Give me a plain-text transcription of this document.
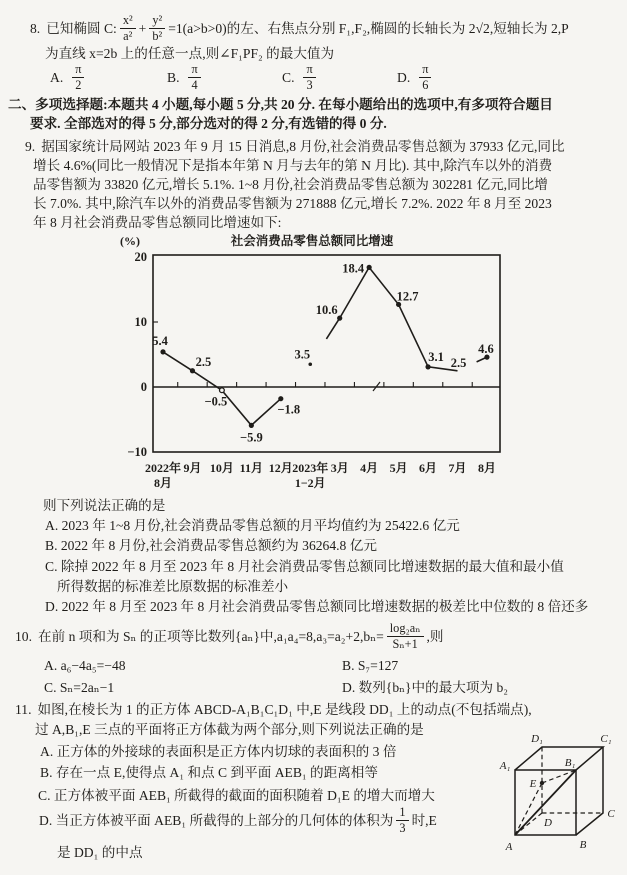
8. 已知椭圆 C: $\frac{\text{x²}}{\text{a²}} + \frac{\text{y²}}{\text{b²}} =1(a>b>0)$的左、右焦点分别 F₁,F₂,椭圆的长轴长为 2√2,短轴长为 2,P
为直线 x=2b 上的任意一点,则∠F₁PF₂ 的最大值为
A. $\frac{\pi}{2}$	B. $\frac{\pi}{4}$	C. $\frac{\pi}{3}$	D. $\frac{\pi}{6}$
二、多项选择题:本题共 4 小题,每小题 5 分,共 20 分. 在每小题给出的选项中,有多项符合题目
要求. 全部选对的得 5 分,部分选对的得 2 分,有选错的得 0 分.
9. 据国家统计局网站 2023 年 9 月 15 日消息,8 月份,社会消费品零售总额为 37933 亿元,同比
增长 4.6%(同比一般情况下是指本年第 N 月与去年的第 N 月比). 其中,除汽车以外的消费
品零售额为 33820 亿元,增长 5.1%. 1~8 月份,社会消费品零售总额为 302281 亿元,同比增
长 7.0%. 其中,除汽车以外的消费品零售额为 271888 亿元,增长 7.2%. 2022 年 8 月至 2023
年 8 月社会消费品零售总额同比增速如下:
社会消费品零售总额同比增速
(%)
20
10
0
−10
2022年
8月
9月 10月 11月 12月 2023年
1−2月
3月 4月 5月 6月 7月 8月
5.4
2.5
−0.5
−5.9
−1.8
3.5
10.6
18.4
12.7
3.1 2.5
4.6
则下列说法正确的是
A. 2023 年 1~8 月份,社会消费品零售总额的月平均值约为 25422.6 亿元
B. 2022 年 8 月份,社会消费品零售总额约为 36264.8 亿元
C. 除掉 2022 年 8 月至 2023 年 8 月社会消费品零售总额同比增速数据的最大值和最小值
所得数据的标准差比原数据的标准差小
D. 2022 年 8 月至 2023 年 8 月社会消费品零售总额同比增速数据的极差比中位数的 8 倍还多
10. 在前 n 项和为 Sₙ 的正项等比数列{aₙ}中$,a_1a_4=8,a_3=a_2+2,b_n= \frac{\text{log₂aₙ}}{\text{Sₙ+1}}$ ,则
A. a₆−4a₅=−48	B. S₇=127
C. Sₙ=2aₙ−1	D. 数列{bₙ}中的最大项为 b₂
11. 如图,在棱长为 1 的正方体 ABCD-A₁B₁C₁D₁ 中,E 是线段 DD₁ 上的动点(不包括端点),
过 A,B₁,E 三点的平面将正方体截为两个部分,则下列说法正确的是
A. 正方体的外接球的表面积是正方体内切球的表面积的 3 倍
B. 存在一点 E,使得点 A₁ 和点 C 到平面 AEB₁ 的距离相等
C. 正方体被平面 AEB₁ 所截得的截面的面积随着 D₁E 的增大而增大
D. 当正方体被平面 AEB₁ 所截得的上部分的几何体的体积为 $\frac{1}{3}$ 时,E
是 DD₁ 的中点
D₁	C₁
A₁	B₁
E
D
C
B
A
